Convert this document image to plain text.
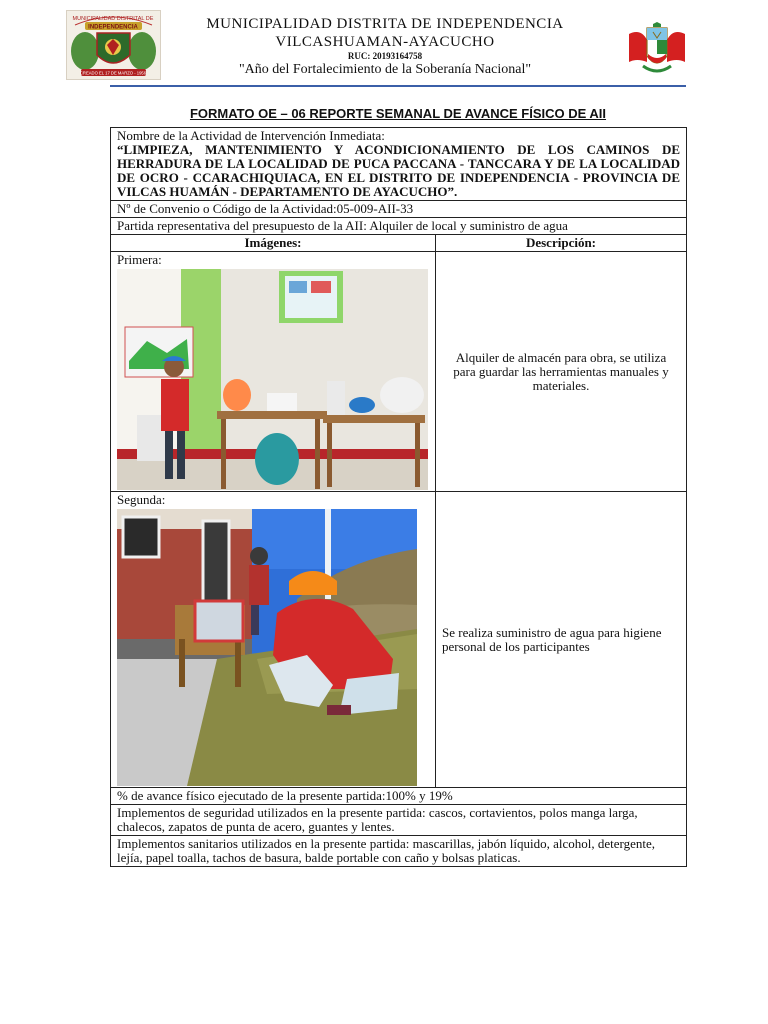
MUNICIPALIDAD DISTRITAL DE
INDEPENDENCIA
CREADO EL 17 DE MARZO - 1956
MUNICIPALIDAD DISTRITA DE INDEPENDENCIA
VILCASHUAMAN-AYACUCHO
RUC: 20193164758
"Año del Fortalecimiento de la Soberanía Nacional"
FORMATO OE – 06 REPORTE SEMANAL DE AVANCE FÍSICO DE AII
Nombre de la Actividad de Intervención Inmediata:
“LIMPIEZA, MANTENIMIENTO Y ACONDICIONAMIENTO DE LOS CAMINOS DE HERRADURA DE LA LOCALIDAD DE PUCA PACCANA - TANCCARA Y DE LA LOCALIDAD DE OCRO - CCARACHIQUIACA, EN EL DISTRITO DE INDEPENDENCIA - PROVINCIA DE VILCAS HUAMÁN - DEPARTAMENTO DE AYACUCHO”.	

Nº de Convenio o Código de la Actividad:05-009-AII-33	
Partida representativa del presupuesto de la AII: Alquiler de local y suministro de agua	
Imágenes:	Descripción:

Primera:	Alquiler de almacén para obra, se utiliza para guardar las herramientas manuales y materiales.

Segunda:	Se realiza suministro de agua para higiene personal de los participantes

% de avance físico ejecutado de la presente partida:100% y 19%	
Implementos de seguridad utilizados en la presente partida: cascos, cortavientos, polos manga larga, chalecos, zapatos de punta de acero, guantes y lentes.	
Implementos sanitarios utilizados en la presente partida: mascarillas, jabón líquido, alcohol, detergente, lejía, papel toalla, tachos de basura, balde portable con caño y bolsas platicas.	
